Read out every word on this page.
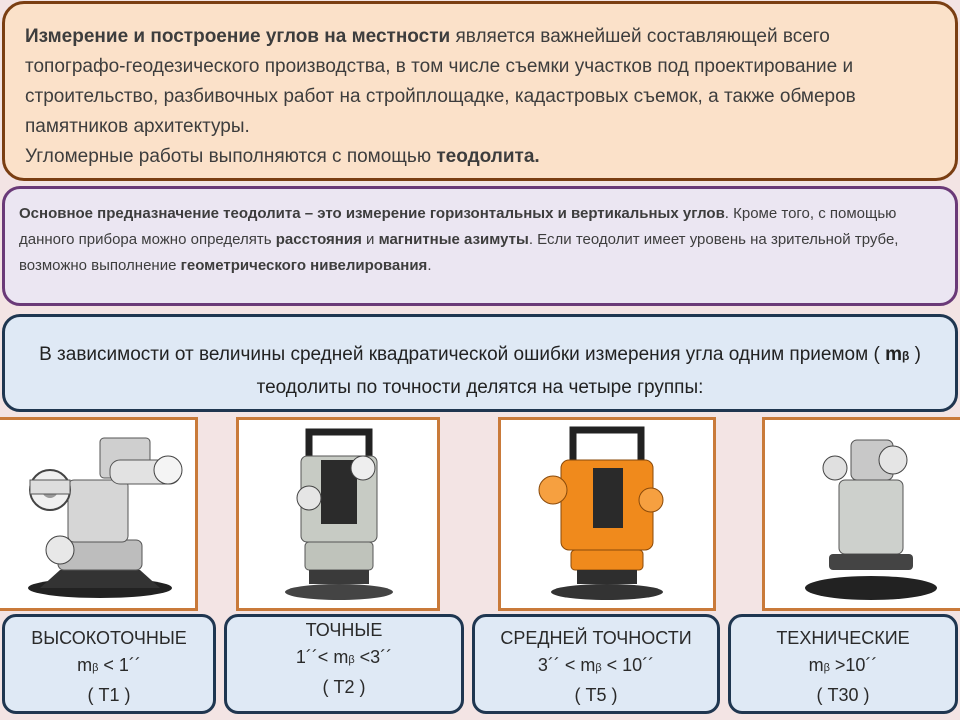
Измерение и построение углов на местности является важнейшей составляющей всего топографо-геодезического производства, в том числе съемки участков под проектирование и строительство, разбивочных работ на стройплощадке, кадастровых съемок, а также обмеров памятников архитектуры.
Угломерные работы выполняются с помощью теодолита.
Основное предназначение теодолита – это измерение горизонтальных и вертикальных углов. Кроме того, с помощью данного прибора можно определять расстояния и магнитные азимуты. Если теодолит имеет уровень на зрительной трубе, возможно выполнение геометрического нивелирования.
В зависимости от величины средней квадратической ошибки измерения угла одним приемом ( mβ ) теодолиты по точности делятся на четыре группы:
ВЫСОКОТОЧНЫЕ
mβ < 1´´
( Т1 )
ТОЧНЫЕ
1´´< mβ <3´´
( Т2 )
СРЕДНЕЙ ТОЧНОСТИ
3´´ < mβ < 10´´
( Т5 )
ТЕХНИЧЕСКИЕ
mβ >10´´
( Т30 )
